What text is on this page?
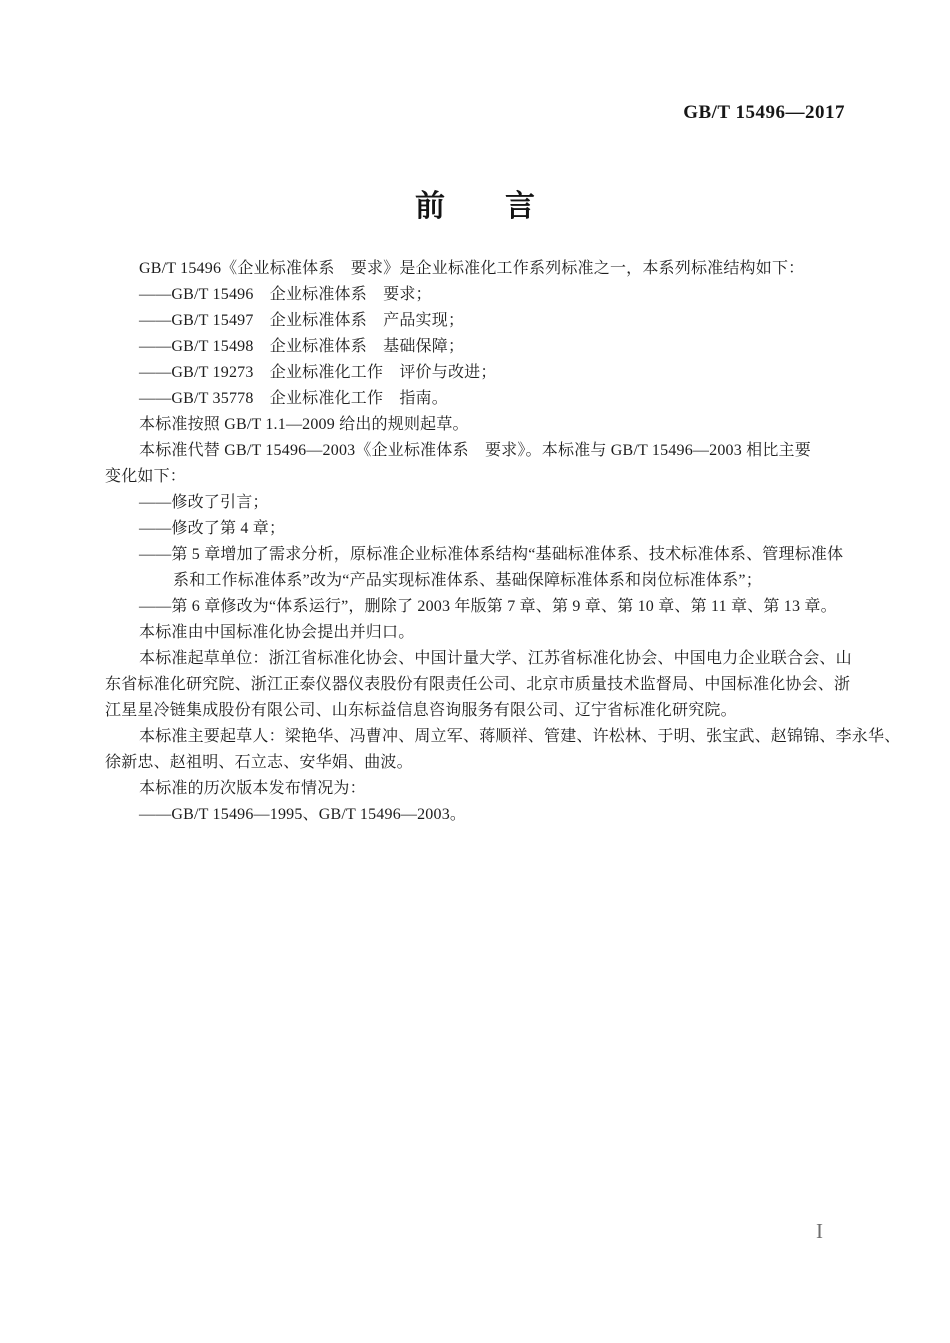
GB/T 15496—2017
前　　言
GB/T 15496《企业标准体系　要求》是企业标准化工作系列标准之一，本系列标准结构如下：
——GB/T 15496　企业标准体系　要求；
——GB/T 15497　企业标准体系　产品实现；
——GB/T 15498　企业标准体系　基础保障；
——GB/T 19273　企业标准化工作　评价与改进；
——GB/T 35778　企业标准化工作　指南。
本标准按照 GB/T 1.1—2009 给出的规则起草。
本标准代替 GB/T 15496—2003《企业标准体系　要求》。本标准与 GB/T 15496—2003 相比主要
变化如下：
——修改了引言；
——修改了第 4 章；
——第 5 章增加了需求分析，原标准企业标准体系结构“基础标准体系、技术标准体系、管理标准体
系和工作标准体系”改为“产品实现标准体系、基础保障标准体系和岗位标准体系”；
——第 6 章修改为“体系运行”，删除了 2003 年版第 7 章、第 9 章、第 10 章、第 11 章、第 13 章。
本标准由中国标准化协会提出并归口。
本标准起草单位：浙江省标准化协会、中国计量大学、江苏省标准化协会、中国电力企业联合会、山
东省标准化研究院、浙江正泰仪器仪表股份有限责任公司、北京市质量技术监督局、中国标准化协会、浙
江星星冷链集成股份有限公司、山东标益信息咨询服务有限公司、辽宁省标准化研究院。
本标准主要起草人：梁艳华、冯曹冲、周立军、蒋顺祥、管建、许松林、于明、张宝武、赵锦锦、李永华、
徐新忠、赵祖明、石立志、安华娟、曲波。
本标准的历次版本发布情况为：
——GB/T 15496—1995、GB/T 15496—2003。
I
